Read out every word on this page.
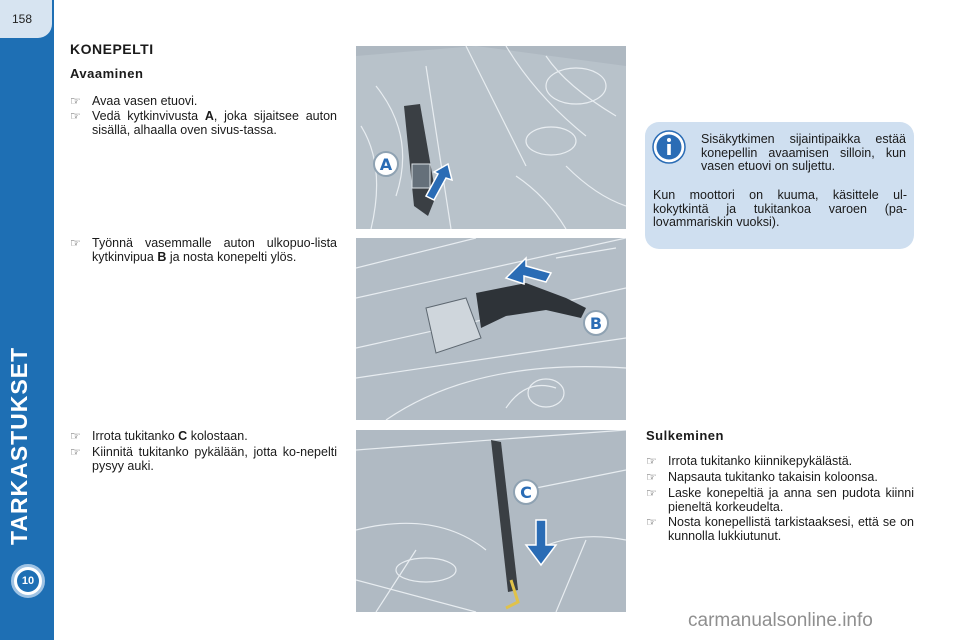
158
TARKASTUKSET
10
KONEPELTI
Avaaminen
☞ Avaa vasen etuovi.
☞ Vedä kytkinvivusta A, joka sijaitsee auton sisällä, alhaalla oven sivus-tassa.
☞ Työnnä vasemmalle auton ulkopuo-lista kytkinvipua B ja nosta konepelti ylös.
☞ Irrota tukitanko C kolostaan.
☞ Kiinnitä tukitanko pykälään, jotta ko-nepelti pysyy auki.
A
B
C
Sisäkytkimen sijaintipaikka estää konepellin avaamisen silloin, kun vasen etuovi on suljettu.
Kun moottori on kuuma, käsittele ul-kokytkintä ja tukitankoa varoen (pa-lovammariskin vuoksi).
Sulkeminen
☞ Irrota tukitanko kiinnikepykälästä.
☞ Napsauta tukitanko takaisin koloonsa.
☞ Laske konepeltiä ja anna sen pudota kiinni pieneltä korkeudelta.
☞ Nosta konepellistä tarkistaaksesi, että se on kunnolla lukkiutunut.
carmanualsonline.info
